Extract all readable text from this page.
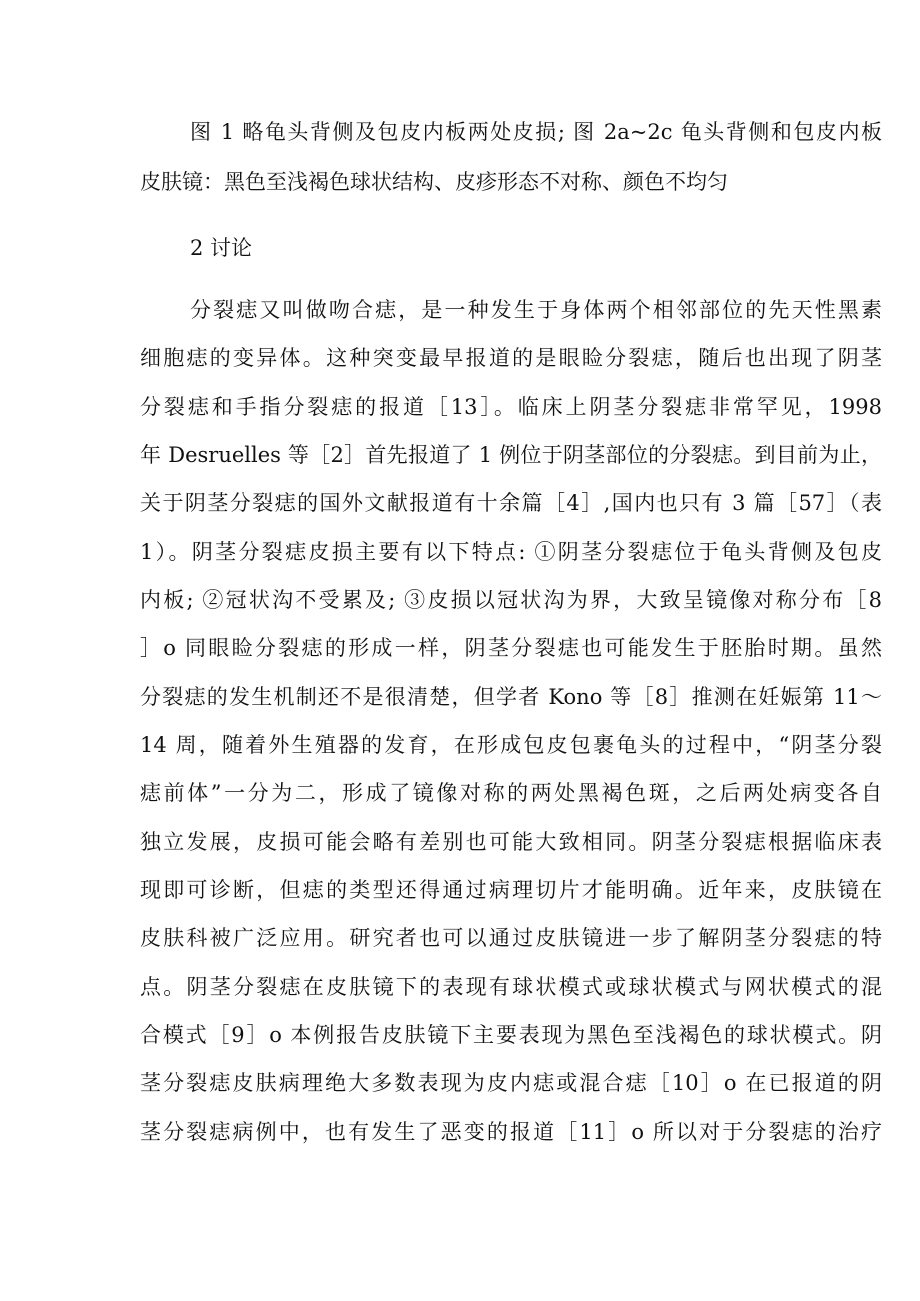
图 1 略龟头背侧及包皮内板两处皮损; 图 2a~2c 龟头背侧和包皮内板
皮肤镜：黑色至浅褐色球状结构、皮疹形态不对称、颜色不均匀
2 讨论
分裂痣又叫做吻合痣，是一种发生于身体两个相邻部位的先天性黑素
细胞痣的变异体。这种突变最早报道的是眼睑分裂痣，随后也出现了阴茎
分裂痣和手指分裂痣的报道［13］。临床上阴茎分裂痣非常罕见，1998
年 Desruelles 等［2］首先报道了 1 例位于阴茎部位的分裂痣。到目前为止，
关于阴茎分裂痣的国外文献报道有十余篇［4］,国内也只有 3 篇［57］（表
1）。阴茎分裂痣皮损主要有以下特点: ①阴茎分裂痣位于龟头背侧及包皮
内板; ②冠状沟不受累及; ③皮损以冠状沟为界，大致呈镜像对称分布［8
］o 同眼睑分裂痣的形成一样，阴茎分裂痣也可能发生于胚胎时期。虽然
分裂痣的发生机制还不是很清楚，但学者 Kono 等［8］推测在妊娠第 11～
14 周，随着外生殖器的发育，在形成包皮包裹龟头的过程中，“阴茎分裂
痣前体”一分为二，形成了镜像对称的两处黑褐色斑，之后两处病变各自
独立发展，皮损可能会略有差别也可能大致相同。阴茎分裂痣根据临床表
现即可诊断，但痣的类型还得通过病理切片才能明确。近年来，皮肤镜在
皮肤科被广泛应用。研究者也可以通过皮肤镜进一步了解阴茎分裂痣的特
点。阴茎分裂痣在皮肤镜下的表现有球状模式或球状模式与网状模式的混
合模式［9］o 本例报告皮肤镜下主要表现为黑色至浅褐色的球状模式。阴
茎分裂痣皮肤病理绝大多数表现为皮内痣或混合痣［10］o 在已报道的阴
茎分裂痣病例中，也有发生了恶变的报道［11］o 所以对于分裂痣的治疗
